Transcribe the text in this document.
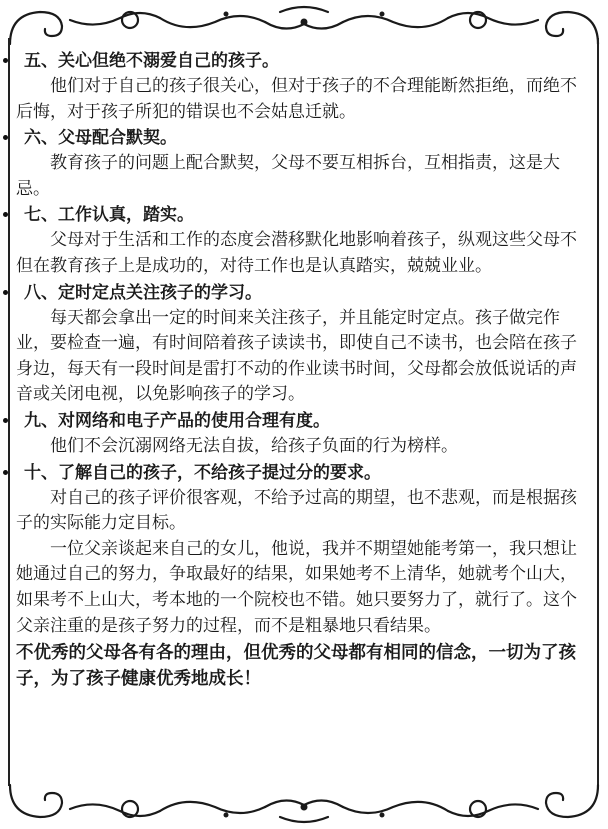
五、关心但绝不溺爱自己的孩子。

他们对于自己的孩子很关心，但对于孩子的不合理能断然拒绝，而绝不后悔，对于孩子所犯的错误也不会姑息迁就。

六、父母配合默契。

教育孩子的问题上配合默契，父母不要互相拆台，互相指责，这是大忌。

七、工作认真，踏实。

父母对于生活和工作的态度会潜移默化地影响着孩子，纵观这些父母不但在教育孩子上是成功的，对待工作也是认真踏实，兢兢业业。

八、定时定点关注孩子的学习。

每天都会拿出一定的时间来关注孩子，并且能定时定点。孩子做完作业，要检查一遍，有时间陪着孩子读读书，即使自己不读书，也会陪在孩子身边，每天有一段时间是雷打不动的作业读书时间，父母都会放低说话的声音或关闭电视，以免影响孩子的学习。

九、对网络和电子产品的使用合理有度。

他们不会沉溺网络无法自拔，给孩子负面的行为榜样。

十、了解自己的孩子，不给孩子提过分的要求。

对自己的孩子评价很客观，不给予过高的期望，也不悲观，而是根据孩子的实际能力定目标。

一位父亲谈起来自己的女儿，他说，我并不期望她能考第一，我只想让她通过自己的努力，争取最好的结果，如果她考不上清华，她就考个山大，如果考不上山大，考本地的一个院校也不错。她只要努力了，就行了。这个父亲注重的是孩子努力的过程，而不是粗暴地只看结果。

不优秀的父母各有各的理由，但优秀的父母都有相同的信念，一切为了孩子，为了孩子健康优秀地成长！
